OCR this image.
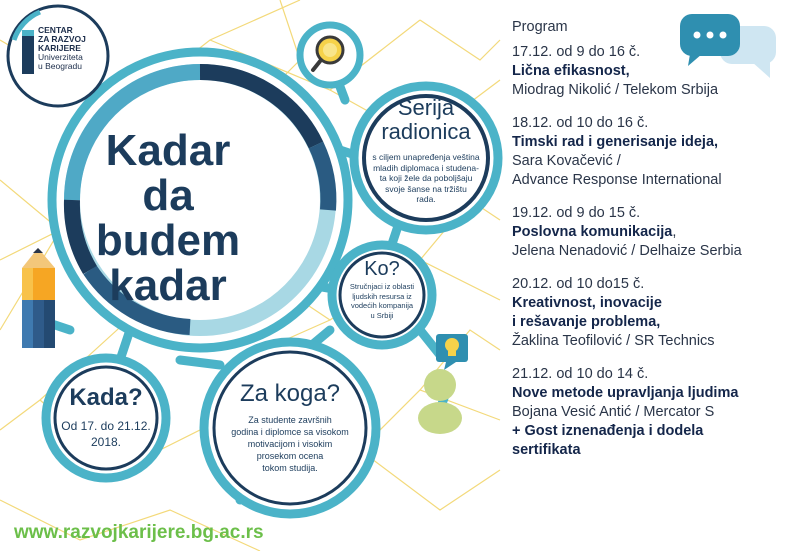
CENTAR
ZA RAZVOJ
KARIJERE
Univerziteta
u Beogradu
Kadar
da budem
kadar
Serija
radionica
s ciljem unapređenja veština
mladih diplomaca i studena-
ta koji žele da poboljšaju
svoje šanse na tržištu
rada.
Ko?
Stručnjaci iz oblasti
ljudskih resursa iz
vodećih kompanija
u Srbiji
Kada?
Od 17. do 21.12.
2018.
Za koga?
Za studente završnih
godina i diplomce sa visokom
motivacijom i visokim
prosekom ocena
tokom studija.
Program
17.12. od 9 do 16 č.
Lična efikasnost,
Miodrag Nikolić / Telekom Srbija
18.12. od 10 do 16 č.
Timski rad i generisanje ideja,
Sara Kovačević /
Advance Response International
19.12. od 9 do 15 č.
Poslovna komunikacija,
Jelena Nenadović / Delhaize Serbia
20.12. od 10 do15 č.
Kreativnost, inovacije
i rešavanje problema,
Žaklina Teofilović / SR Technics
21.12. od 10 do 14 č.
Nove metode upravljanja ljudima
Bojana Vesić Antić / Mercator S
+ Gost iznenađenja i dodela
sertifikata
www.razvojkarijere.bg.ac.rs
